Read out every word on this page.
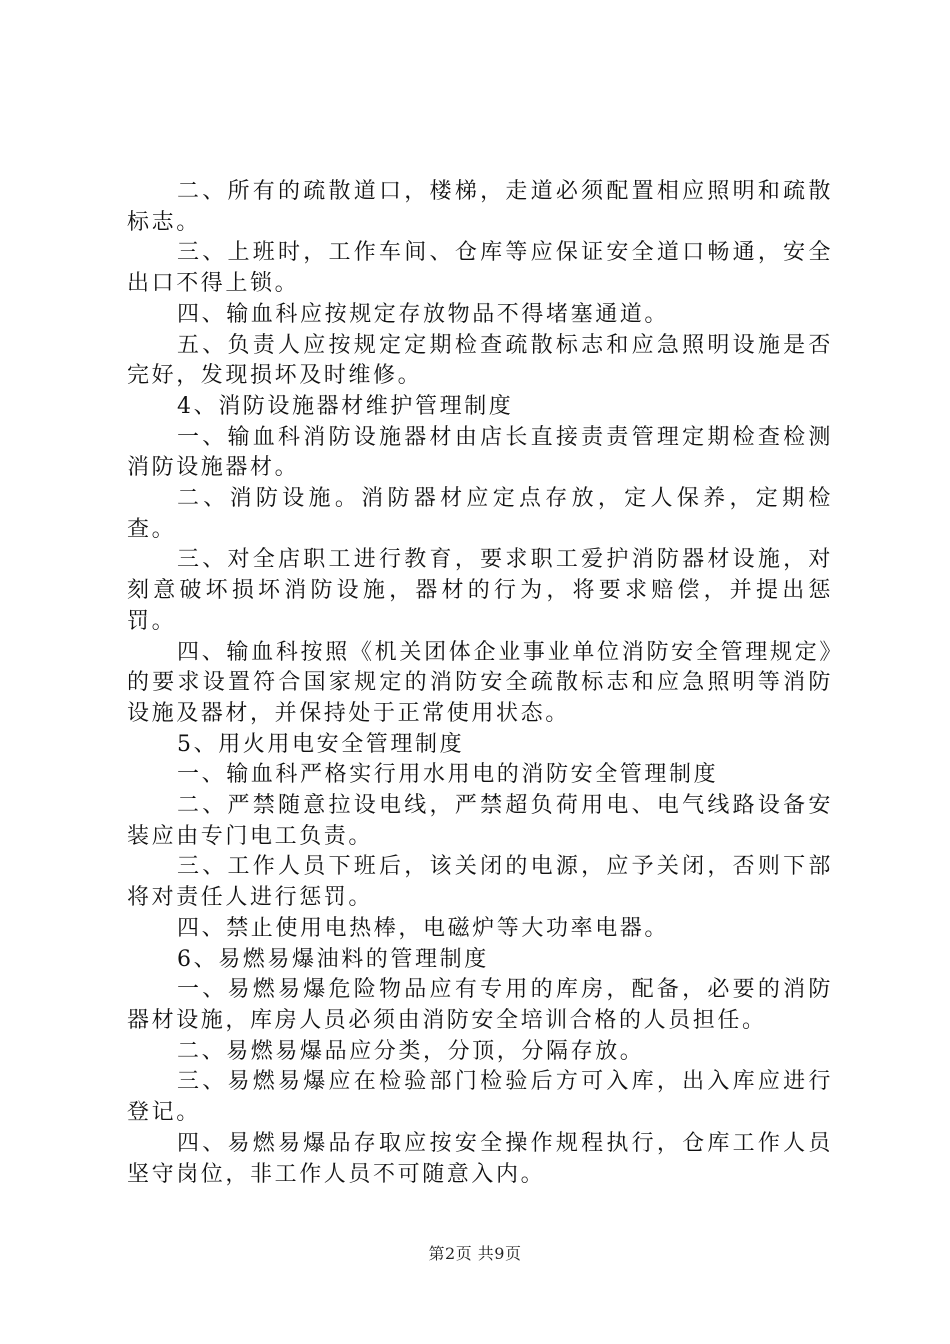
二、所有的疏散道口，楼梯，走道必须配置相应照明和疏散标志。

三、上班时，工作车间、仓库等应保证安全道口畅通，安全出口不得上锁。

四、输血科应按规定存放物品不得堵塞通道。

五、负责人应按规定定期检查疏散标志和应急照明设施是否完好，发现损坏及时维修。

4、消防设施器材维护管理制度

一、输血科消防设施器材由店长直接责责管理定期检查检测消防设施器材。

二、消防设施。消防器材应定点存放，定人保养，定期检查。

三、对全店职工进行教育，要求职工爱护消防器材设施，对刻意破坏损坏消防设施，器材的行为，将要求赔偿，并提出惩罚。

四、输血科按照《机关团体企业事业单位消防安全管理规定》的要求设置符合国家规定的消防安全疏散标志和应急照明等消防设施及器材，并保持处于正常使用状态。

5、用火用电安全管理制度

一、输血科严格实行用水用电的消防安全管理制度

二、严禁随意拉设电线，严禁超负荷用电、电气线路设备安装应由专门电工负责。

三、工作人员下班后，该关闭的电源，应予关闭，否则下部将对责任人进行惩罚。

四、禁止使用电热棒，电磁炉等大功率电器。

6、易燃易爆油料的管理制度

一、易燃易爆危险物品应有专用的库房，配备，必要的消防器材设施，库房人员必须由消防安全培训合格的人员担任。

二、易燃易爆品应分类，分顶，分隔存放。

三、易燃易爆应在检验部门检验后方可入库，出入库应进行登记。

四、易燃易爆品存取应按安全操作规程执行，仓库工作人员坚守岗位，非工作人员不可随意入内。

第2页 共9页
